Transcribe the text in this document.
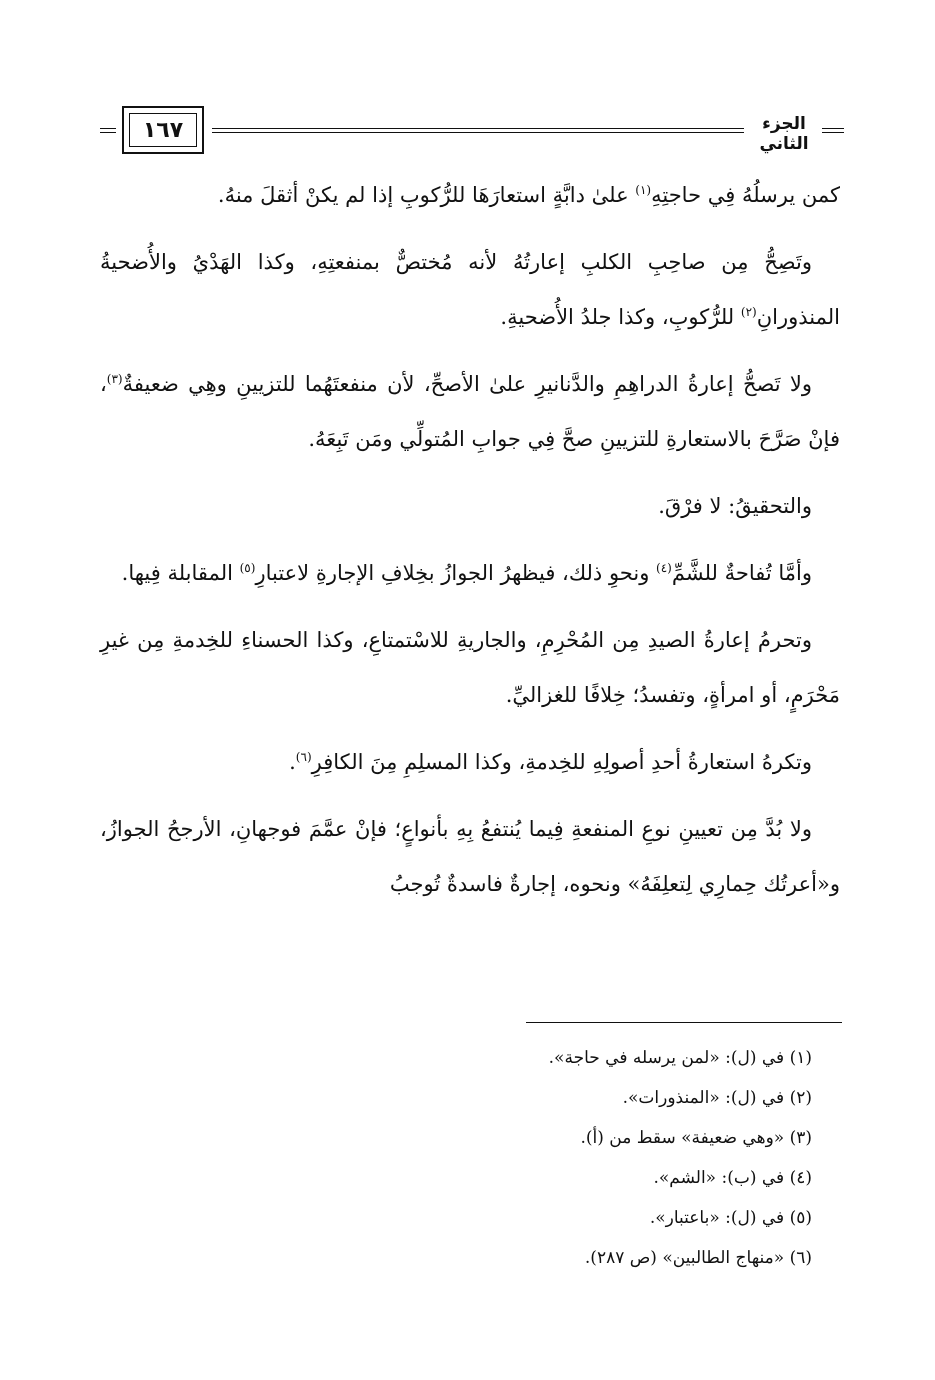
١٦٧	الجزء الثاني

كمن يرسلُهُ فِي حاجتِهِ$^{(١)}$ علىٰ دابَّةٍ استعارَهَا للرُّكوبِ إذا لم يكنْ أثقلَ منهُ.

وتَصِحُّ مِن صاحِبِ الكلبِ إعارتُهُ لأنه مُختصٌّ بمنفعتِهِ، وكذا الهَدْيُ والأُضحيةُ المنذورانِ$^{(٢)}$ للرُّكوبِ، وكذا جلدُ الأُضحيةِ.

ولا تَصحُّ إعارةُ الدراهِمِ والدَّنانيرِ علىٰ الأصحِّ، لأن منفعتَهُما للتزيينِ وهِي ضعيفةٌ$^{(٣)}$، فإنْ صَرَّحَ بالاستعارةِ للتزيينِ صحَّ فِي جوابِ المُتولِّي ومَن تَبِعَهُ.

والتحقيقُ: لا فرْقَ.

وأمَّا تُفاحةٌ للشَّمِّ$^{(٤)}$ ونحوِ ذلك، فيظهرُ الجوازُ بخِلافِ الإجارةِ لاعتبارِ$^{(٥)}$ المقابلة فِيها.

وتحرمُ إعارةُ الصيدِ مِن المُحْرِمِ، والجاريةِ للاسْتمتاعِ، وكذا الحسناءِ للخِدمةِ مِن غيرِ مَحْرَمٍ، أو امرأةٍ، وتفسدُ؛ خِلافًا للغزاليِّ.

وتكرهُ استعارةُ أحدِ أصولِهِ للخِدمةِ، وكذا المسلِمِ مِنَ الكافِرِ$^{(٦)}$.

ولا بُدَّ مِن تعيينِ نوعِ المنفعةِ فِيما يُنتفعُ بِهِ بأنواعٍ؛ فإنْ عمَّمَ فوجهانِ، الأرجحُ الجوازُ، و«أعرتُك حِمارِي لِتعلِفَهُ» ونحوه، إجارةٌ فاسدةٌ تُوجبُ

(١) في (ل): «لمن يرسله في حاجة».

(٢) في (ل): «المنذورات».

(٣) «وهي ضعيفة» سقط من (أ).

(٤) في (ب): «الشم».

(٥) في (ل): «باعتبار».

(٦) «منهاج الطالبين» (ص ٢٨٧).
